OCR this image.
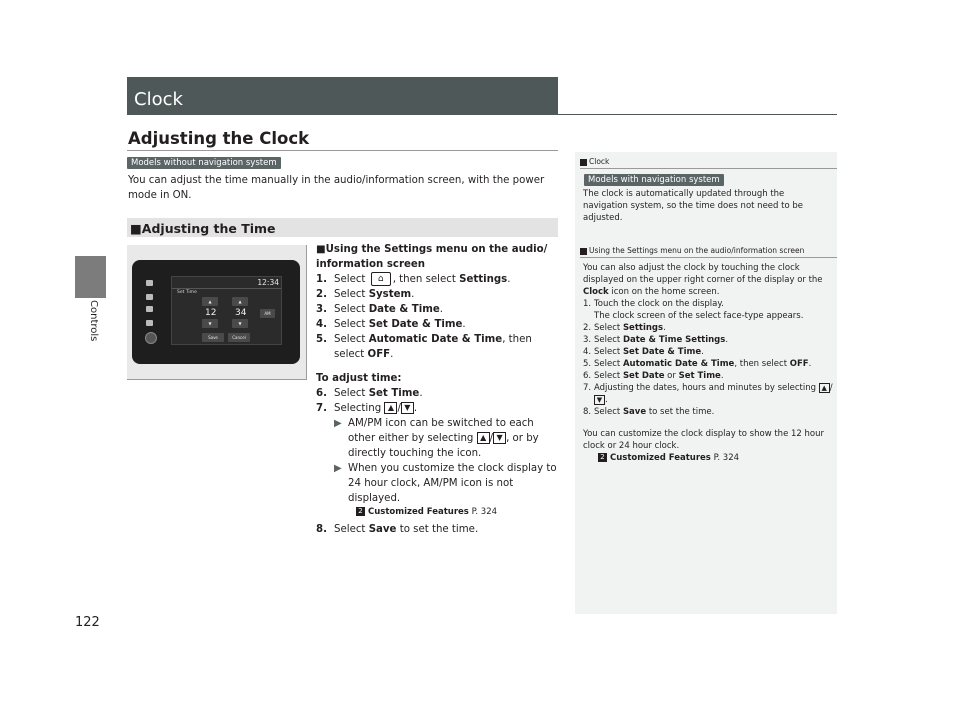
Controls
122
Clock
Adjusting the Clock
Models without navigation system
You can adjust the time manually in the audio/information screen, with the power mode in ON.
■Adjusting the Time
12:34
Set Time
▲	▲
12 34	AM
▼	▼
Save	Cancel
■Using the Settings menu on the audio/ information screen
1. Select ⌂ , then select Settings.
2. Select System.
3. Select Date & Time.
4. Select Set Date & Time.
5. Select Automatic Date & Time, then select OFF.
To adjust time:
6. Select Set Time.
7. Selecting ▲ / ▼ .
▶ AM/PM icon can be switched to each other either by selecting ▲ / ▼ , or by directly touching the icon.
▶ When you customize the clock display to 24 hour clock, AM/PM icon is not displayed.
2 Customized Features P. 324
8. Select Save to set the time.
Clock
Models with navigation system
The clock is automatically updated through the navigation system, so the time does not need to be adjusted.
Using the Settings menu on the audio/information screen
You can also adjust the clock by touching the clock displayed on the upper right corner of the display or the Clock icon on the home screen.
1. Touch the clock on the display.
The clock screen of the select face-type appears.
2. Select Settings.
3. Select Date & Time Settings.
4. Select Set Date & Time.
5. Select Automatic Date & Time, then select OFF.
6. Select Set Date or Set Time.
7. Adjusting the dates, hours and minutes by selecting ▲ /▼ .
8. Select Save to set the time.
You can customize the clock display to show the 12 hour clock or 24 hour clock.
2 Customized Features P. 324
